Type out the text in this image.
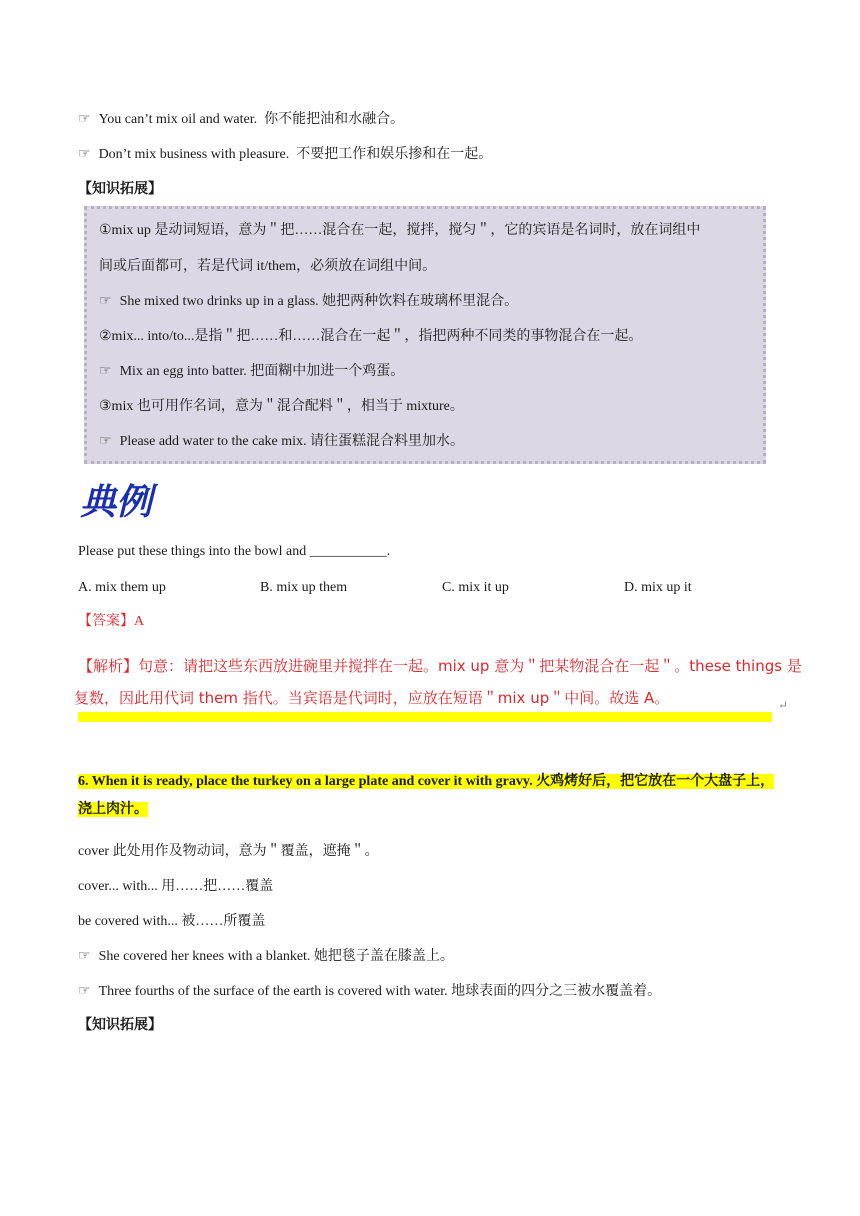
☞ You can’t mix oil and water. 你不能把油和水融合。
☞ Don’t mix business with pleasure. 不要把工作和娱乐掺和在一起。
【知识拓展】
①mix up 是动词短语，意为＂把……混合在一起，搅拌，搅匀＂，它的宾语是名词时，放在词组中
间或后面都可，若是代词 it/them，必须放在词组中间。
☞ She mixed two drinks up in a glass. 她把两种饮料在玻璃杯里混合。
②mix... into/to...是指＂把……和……混合在一起＂，指把两种不同类的事物混合在一起。
☞ Mix an egg into batter. 把面糊中加进一个鸡蛋。
③mix 也可用作名词，意为＂混合配料＂，相当于 mixture。
☞ Please add water to the cake mix. 请往蛋糕混合料里加水。
典例
Please put these things into the bowl and ___________.
A. mix them up	B. mix up them	C. mix it up	D. mix up it
【答案】A
【解析】句意：请把这些东西放进碗里并搅拌在一起。mix up 意为＂把某物混合在一起＂。these things 是
复数，因此用代词 them 指代。当宾语是代词时，应放在短语＂mix up＂中间。故选 A。	↵
6. When it is ready, place the turkey on a large plate and cover it with gravy. 火鸡烤好后，把它放在一个大盘子上，浇上肉汁。
cover 此处用作及物动词，意为＂覆盖，遮掩＂。
cover... with... 用……把……覆盖
be covered with... 被……所覆盖
☞ She covered her knees with a blanket. 她把毯子盖在膝盖上。
☞ Three fourths of the surface of the earth is covered with water. 地球表面的四分之三被水覆盖着。
【知识拓展】
